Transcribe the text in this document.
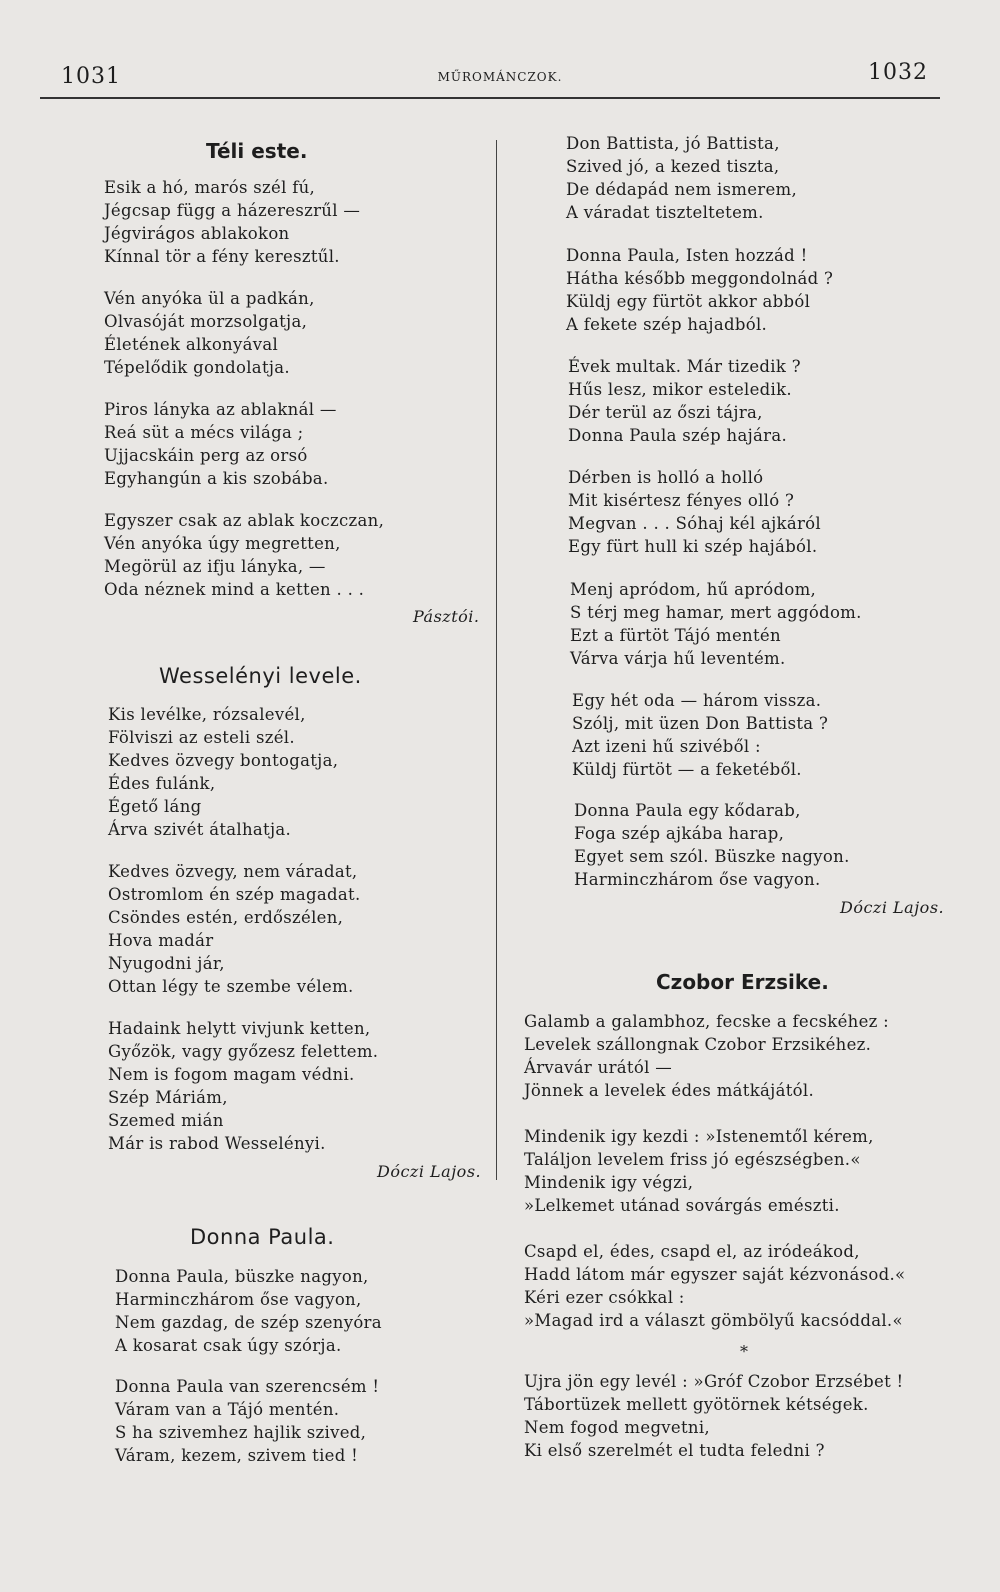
1031	MŰROMÁNCZOK.	1032
Téli este.
Esik a hó, marós szél fú,
Jégcsap függ a házereszrűl —
Jégvirágos ablakokon
Kínnal tör a fény keresztűl.
Vén anyóka ül a padkán,
Olvasóját morzsolgatja,
Életének alkonyával
Tépelődik gondolatja.
Piros lányka az ablaknál —
Reá süt a mécs világa ;
Ujjacskáin perg az orsó
Egyhangún a kis szobába.
Egyszer csak az ablak koczczan,
Vén anyóka úgy megretten,
Megörül az ifju lányka, —
Oda néznek mind a ketten . . .
Pásztói.
Wesselényi levele.
Kis levélke, rózsalevél,
Fölviszi az esteli szél.
Kedves özvegy bontogatja,
Édes fulánk,
Égető láng
Árva szivét átalhatja.
Kedves özvegy, nem váradat,
Ostromlom én szép magadat.
Csöndes estén, erdőszélen,
Hova madár
Nyugodni jár,
Ottan légy te szembe vélem.
Hadaink helytt vivjunk ketten,
Győzök, vagy győzesz felettem.
Nem is fogom magam védni.
Szép Máriám,
Szemed mián
Már is rabod Wesselényi.
Dóczi Lajos.
Donna Paula.
Donna Paula, büszke nagyon,
Harminczhárom őse vagyon,
Nem gazdag, de szép szenyóra
A kosarat csak úgy szórja.
Donna Paula van szerencsém !
Váram van a Tájó mentén.
S ha szivemhez hajlik szived,
Váram, kezem, szivem tied !
Don Battista, jó Battista,
Szived jó, a kezed tiszta,
De dédapád nem ismerem,
A váradat tiszteltetem.
Donna Paula, Isten hozzád !
Hátha később meggondolnád ?
Küldj egy fürtöt akkor abból
A fekete szép hajadból.
Évek multak. Már tizedik ?
Hűs lesz, mikor esteledik.
Dér terül az őszi tájra,
Donna Paula szép hajára.
Dérben is holló a holló
Mit kisértesz fényes olló ?
Megvan . . . Sóhaj kél ajkáról
Egy fürt hull ki szép hajából.
Menj apródom, hű apródom,
S térj meg hamar, mert aggódom.
Ezt a fürtöt Tájó mentén
Várva várja hű leventém.
Egy hét oda — három vissza.
Szólj, mit üzen Don Battista ?
Azt izeni hű szivéből :
Küldj fürtöt — a feketéből.
Donna Paula egy kődarab,
Foga szép ajkába harap,
Egyet sem szól. Büszke nagyon.
Harminczhárom őse vagyon.
Dóczi Lajos.
Czobor Erzsike.
Galamb a galambhoz, fecske a fecskéhez :
Levelek szállongnak Czobor Erzsikéhez.
Árvavár urától —
Jönnek a levelek édes mátkájától.
Mindenik igy kezdi : »Istenemtől kérem,
Találjon levelem friss jó egészségben.«
Mindenik igy végzi,
»Lelkemet utánad sovárgás emészti.
Csapd el, édes, csapd el, az iródeákod,
Hadd látom már egyszer saját kézvonásod.«
Kéri ezer csókkal :
»Magad ird a választ gömbölyű kacsóddal.«
*
Ujra jön egy levél : »Gróf Czobor Erzsébet !
Tábortüzek mellett gyötörnek kétségek.
Nem fogod megvetni,
Ki első szerelmét el tudta feledni ?
